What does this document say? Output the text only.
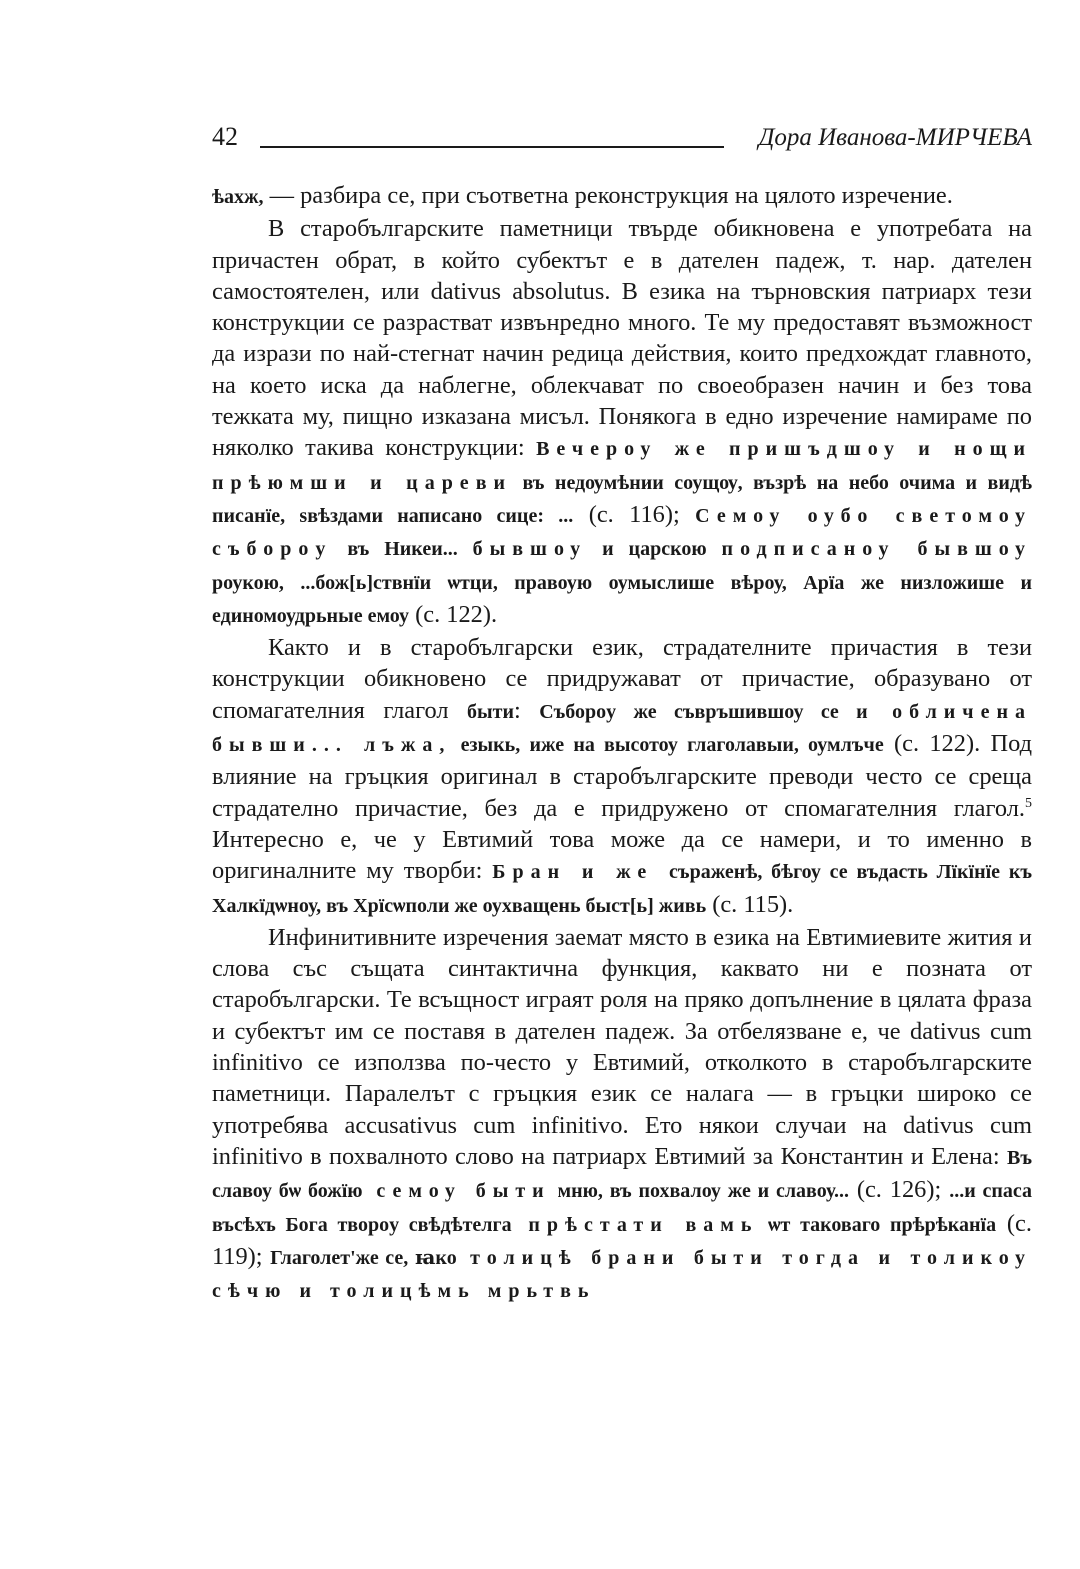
42	Дора Иванова-МИРЧЕВА

ѣахж, — разбира се, при съответна реконструкция на цялото изречение.

В старобългарските паметници твърде обикновена е употребата на причастен обрат, в който субектът е в дателен падеж, т. нар. дателен самостоятелен, или dativus absolutus. В езика на търновския патриарх тези конструкции се разрастват извънредно много. Те му предоставят възможност да изрази по най-стегнат начин редица действия, които предхождат главното, на което иска да наблегне, облекчават по своеобразен начин и без това тежката му, пищно изказана мисъл. Понякога в едно изречение намираме по няколко такива конструкции: Вечероу же пришъдшоу и нощи прѣюмши и цареви въ недѹмѣнии соущѹ, възрѣ на небо очима и видѣ писанїе, sвѣздами написано сице: ... (с. 116); Семоу оубо светомоу съборoу въ Никеи... бывшоу и царскою подписаноу бывшоу роукою, ...бож[ь]ствнїи ѡтци, правоую оумыслише вѣроу, Арїа же низложише и единомоудрьные емоу (с. 122).

Както и в старобългарски език, страдателните причастия в тези конструкции обикновено се придружават от причастие, образувано от спомагателния глагол быти: Съборoу же съвръшившоу се и обличена бывши... лъжа, езыкь, иже на высотоу глаголавыи, оумлъче (с. 122). Под влияние на гръцкия оригинал в старобългарските преводи често се среща страдателно причастие, без да е придружено от спомагателния глагол.$^5$ Интересно е, че у Евтимий това може да се намери, и то именно в оригиналните му творби: Бран и же съраженѣ, бѣгоу се въдасть Лїкїнїе къ Халкїдѡноу, въ Хрїсѡполи же оухващень быст[ь] живь (с. 115).

Инфинитивните изречения заемат място в езика на Евтимиевите жития и слова със същата синтактична функция, каквато ни е позната от старобългарски. Те всъщност играят роля на пряко допълнение в цялата фраза и субектът им се поставя в дателен падеж. За отбелязване е, че dativus cum infinitivo се използва по-често у Евтимий, отколкото в старобългарските паметници. Паралелът с гръцкия език се налага — в гръцки широко се употребява accusativus cum infinitivo. Ето някои случаи на dativus cum infinitivo в похвалното слово на патриарх Евтимий за Константин и Елена: Въ славоу бѡ божїю семоу быти мню, въ похвалоу же и славоу... (с. 126); ...и спаса въсѣхъ Бога творoу свѣдѣтелга прѣстати вамь ѡт таковаго прѣрѣканїа (с. 119); Глаголет'же се, ꙗко толицѣ брани быти тогда и толикоу сѣчю и толицѣмь мрьтвь
